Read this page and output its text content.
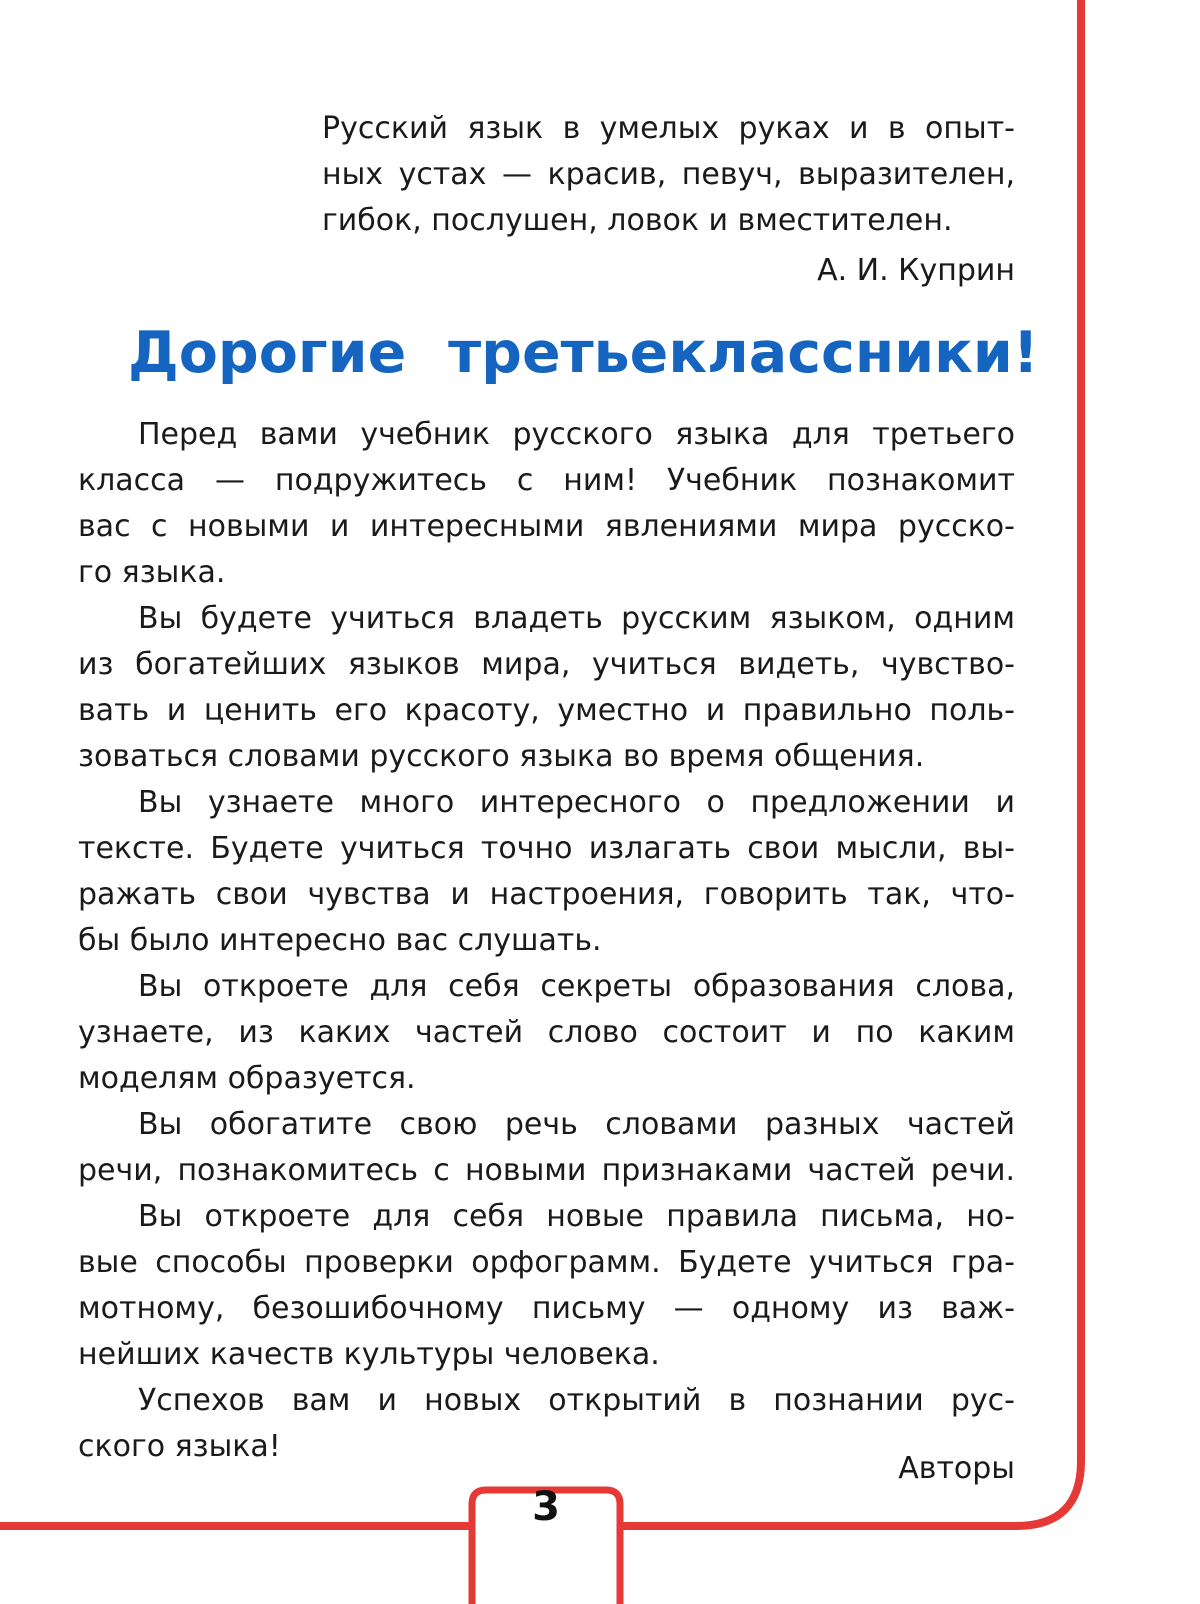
Русский язык в умелых руках и в опыт-
ных устах — красив, певуч, выразителен,
гибок, послушен, ловок и вместителен.
А. И. Куприн
Дорогие третьеклассники!
Перед вами учебник русского языка для третьего
класса — подружитесь с ним! Учебник познакомит
вас с новыми и интересными явлениями мира русско-
го языка.
Вы будете учиться владеть русским языком, одним
из богатейших языков мира, учиться видеть, чувство-
вать и ценить его красоту, уместно и правильно поль-
зоваться словами русского языка во время общения.
Вы узнаете много интересного о предложении и
тексте. Будете учиться точно излагать свои мысли, вы-
ражать свои чувства и настроения, говорить так, что-
бы было интересно вас слушать.
Вы откроете для себя секреты образования слова,
узнаете, из каких частей слово состоит и по каким
моделям образуется.
Вы обогатите свою речь словами разных частей
речи, познакомитесь с новыми признаками частей речи.
Вы откроете для себя новые правила письма, но-
вые способы проверки орфограмм. Будете учиться гра-
мотному, безошибочному письму — одному из важ-
нейших качеств культуры человека.
Успехов вам и новых открытий в познании рус-
ского языка!
Авторы
3
